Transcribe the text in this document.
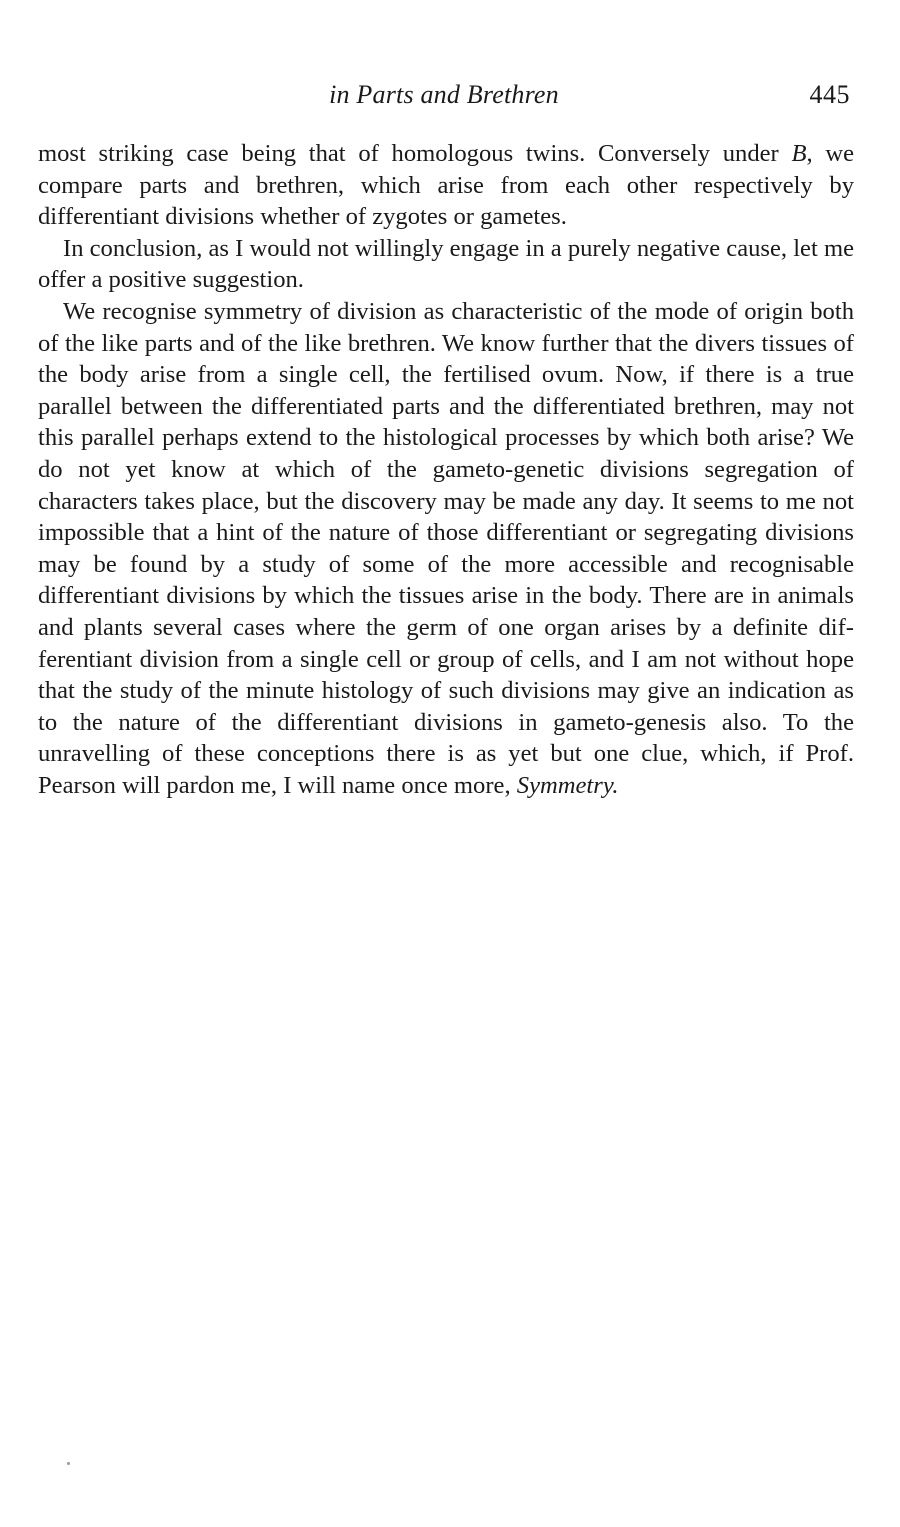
in Parts and Brethren	445

most striking case being that of homologous twins. Conversely under B, we compare parts and brethren, which arise from each other respectively by differentiant divisions whether of zygotes or gametes.

In conclusion, as I would not willingly engage in a purely negative cause, let me offer a positive suggestion.

We recognise symmetry of division as characteristic of the mode of origin both of the like parts and of the like brethren. We know further that the divers tissues of the body arise from a single cell, the fertilised ovum. Now, if there is a true parallel between the differentiated parts and the differentiated brethren, may not this parallel perhaps extend to the histological processes by which both arise? We do not yet know at which of the gameto-genetic divisions segregation of characters takes place, but the discovery may be made any day. It seems to me not impossible that a hint of the nature of those differentiant or segregating divisions may be found by a study of some of the more accessible and recognisable differentiant divisions by which the tissues arise in the body. There are in animals and plants several cases where the germ of one organ arises by a definite differentiant division from a single cell or group of cells, and I am not without hope that the study of the minute histology of such divisions may give an indication as to the nature of the differentiant divisions in gameto-genesis also. To the unravelling of these conceptions there is as yet but one clue, which, if Prof. Pearson will pardon me, I will name once more, Symmetry.
